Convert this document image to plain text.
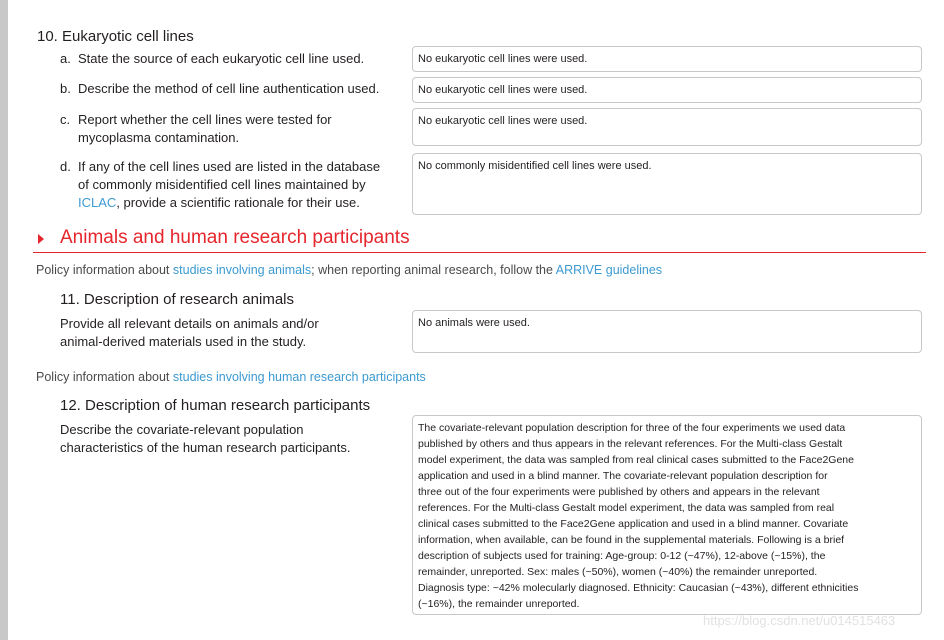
10. Eukaryotic cell lines
a. State the source of each eukaryotic cell line used.	No eukaryotic cell lines were used.
b. Describe the method of cell line authentication used.	No eukaryotic cell lines were used.
c. Report whether the cell lines were tested for
mycoplasma contamination.
No eukaryotic cell lines were used.
d. If any of the cell lines used are listed in the database
of commonly misidentified cell lines maintained by
ICLAC, provide a scientific rationale for their use.
No commonly misidentified cell lines were used.
Animals and human research participants
Policy information about studies involving animals; when reporting animal research, follow the ARRIVE guidelines
11. Description of research animals
Provide all relevant details on animals and/or
animal-derived materials used in the study.
No animals were used.
Policy information about studies involving human research participants
12. Description of human research participants
Describe the covariate-relevant population
characteristics of the human research participants.
The covariate-relevant population description for three of the four experiments we used data
published by others and thus appears in the relevant references. For the Multi-class Gestalt
model experiment, the data was sampled from real clinical cases submitted to the Face2Gene
application and used in a blind manner. The covariate-relevant population description for
three out of the four experiments were published by others and appears in the relevant
references. For the Multi-class Gestalt model experiment, the data was sampled from real
clinical cases submitted to the Face2Gene application and used in a blind manner. Covariate
information, when available, can be found in the supplemental materials. Following is a brief
description of subjects used for training: Age-group: 0-12 (~47%), 12-above (~15%), the
remainder, unreported. Sex: males (~50%), women (~40%) the remainder unreported.
Diagnosis type: ~42% molecularly diagnosed. Ethnicity: Caucasian (~43%), different ethnicities
(~16%), the remainder unreported.
https://blog.csdn.net/u014515463
